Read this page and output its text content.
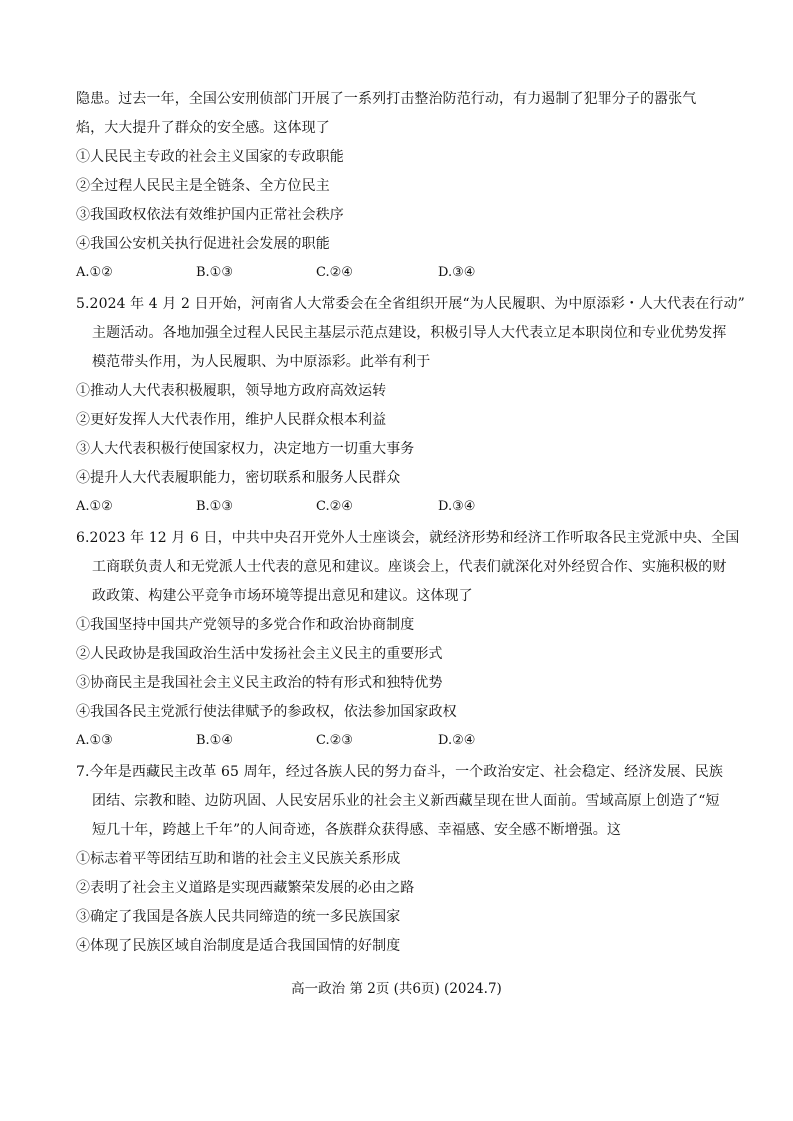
隐患。过去一年，全国公安刑侦部门开展了一系列打击整治防范行动，有力遏制了犯罪分子的嚣张气
焰，大大提升了群众的安全感。这体现了
①人民民主专政的社会主义国家的专政职能
②全过程人民民主是全链条、全方位民主
③我国政权依法有效维护国内正常社会秩序
④我国公安机关执行促进社会发展的职能
A.①②	B.①③	C.②④	D.③④
5.2024 年 4 月 2 日开始，河南省人大常委会在全省组织开展“为人民履职、为中原添彩・人大代表在行动”
主题活动。各地加强全过程人民民主基层示范点建设，积极引导人大代表立足本职岗位和专业优势发挥
模范带头作用，为人民履职、为中原添彩。此举有利于
①推动人大代表积极履职，领导地方政府高效运转
②更好发挥人大代表作用，维护人民群众根本利益
③人大代表积极行使国家权力，决定地方一切重大事务
④提升人大代表履职能力，密切联系和服务人民群众
A.①②	B.①③	C.②④	D.③④
6.2023 年 12 月 6 日，中共中央召开党外人士座谈会，就经济形势和经济工作听取各民主党派中央、全国
工商联负责人和无党派人士代表的意见和建议。座谈会上，代表们就深化对外经贸合作、实施积极的财
政政策、构建公平竞争市场环境等提出意见和建议。这体现了
①我国坚持中国共产党领导的多党合作和政治协商制度
②人民政协是我国政治生活中发扬社会主义民主的重要形式
③协商民主是我国社会主义民主政治的特有形式和独特优势
④我国各民主党派行使法律赋予的参政权，依法参加国家政权
A.①③	B.①④	C.②③	D.②④
7.今年是西藏民主改革 65 周年，经过各族人民的努力奋斗，一个政治安定、社会稳定、经济发展、民族
团结、宗教和睦、边防巩固、人民安居乐业的社会主义新西藏呈现在世人面前。雪域高原上创造了“短
短几十年，跨越上千年”的人间奇迹，各族群众获得感、幸福感、安全感不断增强。这
①标志着平等团结互助和谐的社会主义民族关系形成
②表明了社会主义道路是实现西藏繁荣发展的必由之路
③确定了我国是各族人民共同缔造的统一多民族国家
④体现了民族区域自治制度是适合我国国情的好制度
高一政治 第 2页 (共6页) (2024.7)
